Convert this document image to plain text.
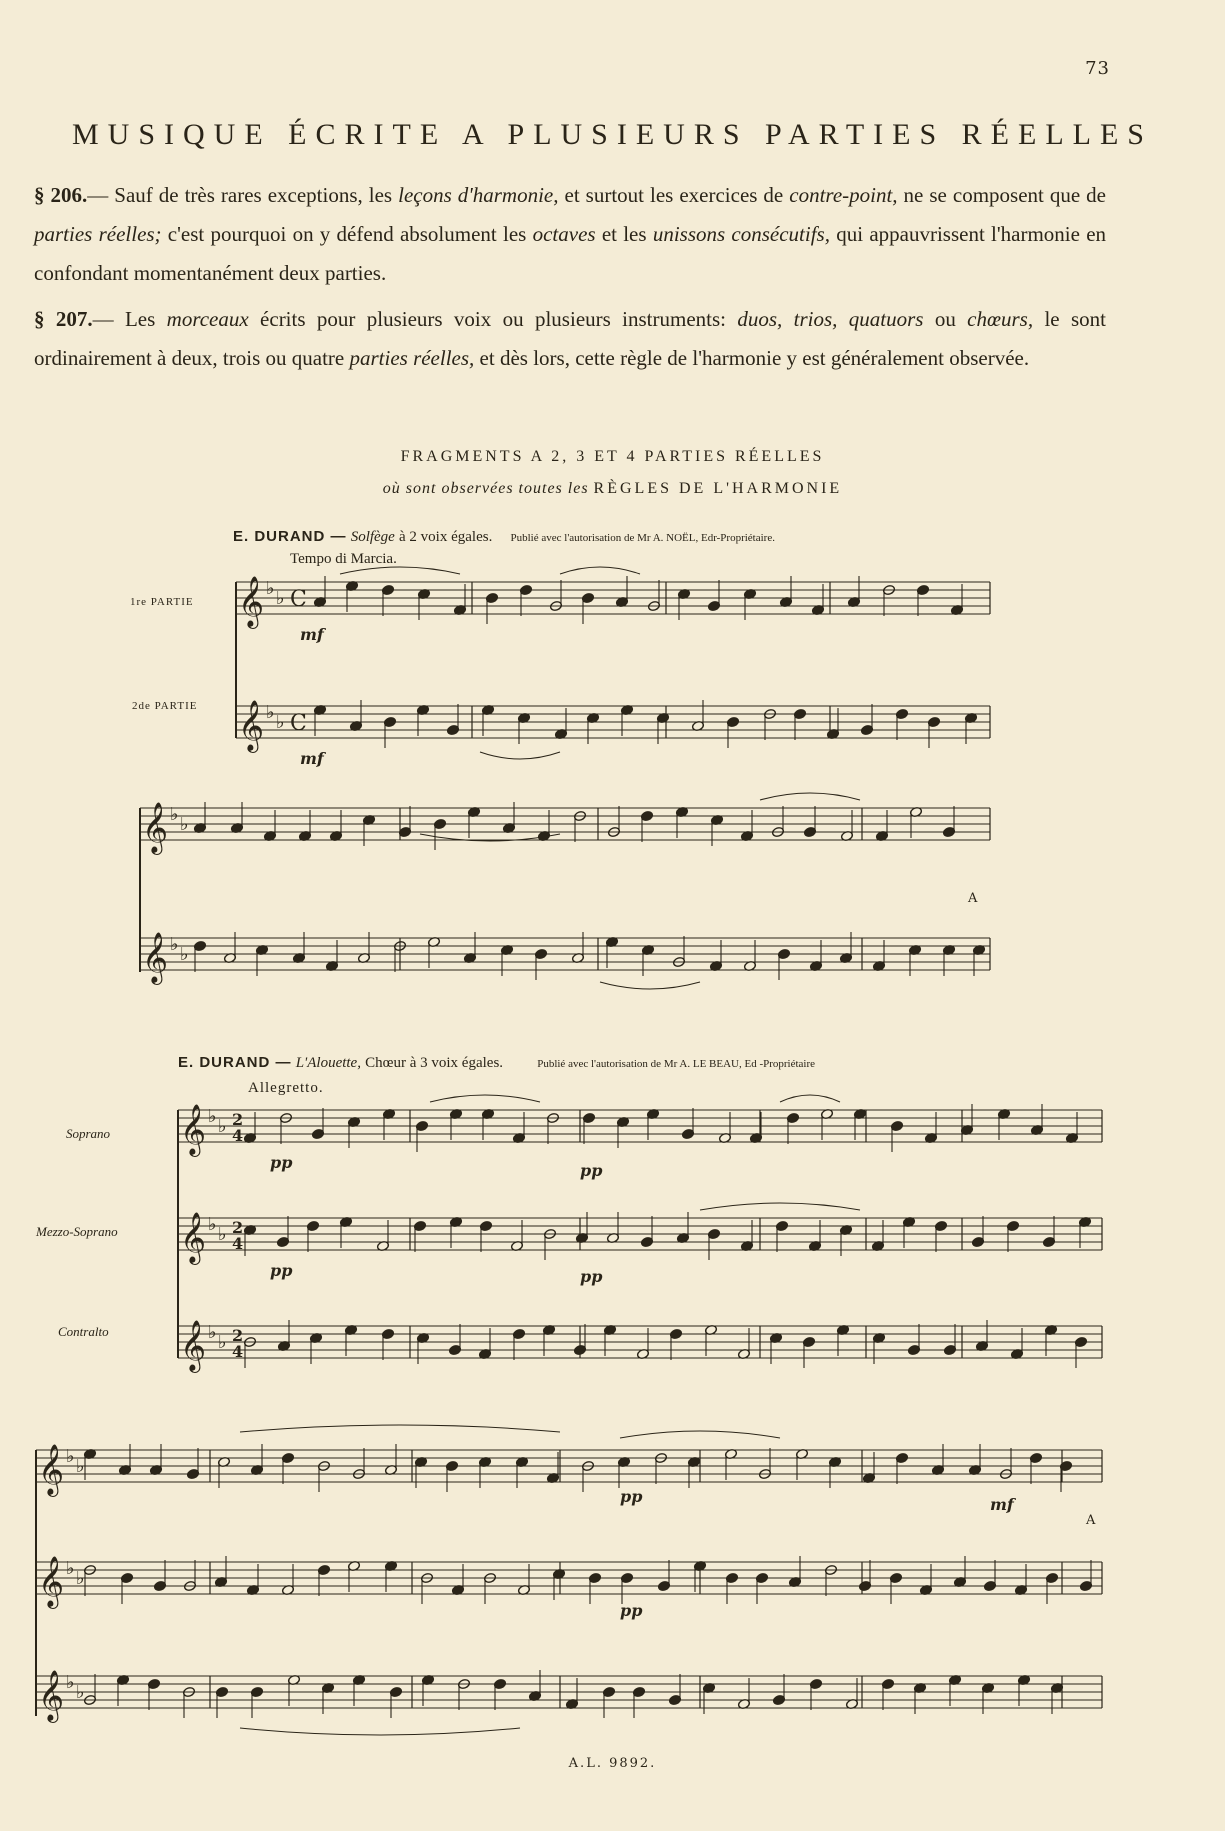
73
MUSIQUE ÉCRITE A PLUSIEURS PARTIES RÉELLES
§ 206.— Sauf de très rares exceptions, les leçons d'harmonie, et surtout les exercices de contre-point, ne se composent que de parties réelles; c'est pourquoi on y défend absolument les octaves et les unissons consécutifs, qui appauvrissent l'harmonie en confondant momentanément deux parties.
§ 207.— Les morceaux écrits pour plusieurs voix ou plusieurs instruments: duos, trios, quatuors ou chœurs, le sont ordinairement à deux, trois ou quatre parties réelles, et dès lors, cette règle de l'harmonie y est généralement observée.
FRAGMENTS A 2, 3 ET 4 PARTIES RÉELLES
où sont observées toutes les RÈGLES DE L'HARMONIE
E. DURAND — Solfège à 2 voix égales. Publié avec l'autorisation de Mr A. NOËL, Edr-Propriétaire.
Tempo di Marcia.
1re PARTIE
2de PARTIE
E. DURAND — L'Alouette, Chœur à 3 voix égales.	Publié avec l'autorisation de Mr A. LE BEAU, Ed -Propriétaire
Allegretto.
Soprano
Mezzo-Soprano
Contralto
𝄞 ♭ ♭ C
𝄞 ♭ ♭ C
𝄞 ♭ ♭
𝄞 ♭ ♭
𝄞 ♭ ♭ 2
4
𝄞 ♭ ♭ 2
4
𝄞 ♭ ♭ 2
4
𝄞 ♭ ♭
𝄞 ♭ ♭
𝄞 ♭ ♭
mf
mf
pp	pp
pp	pp
pp
pp
mf
A
A
A.L. 9892.
